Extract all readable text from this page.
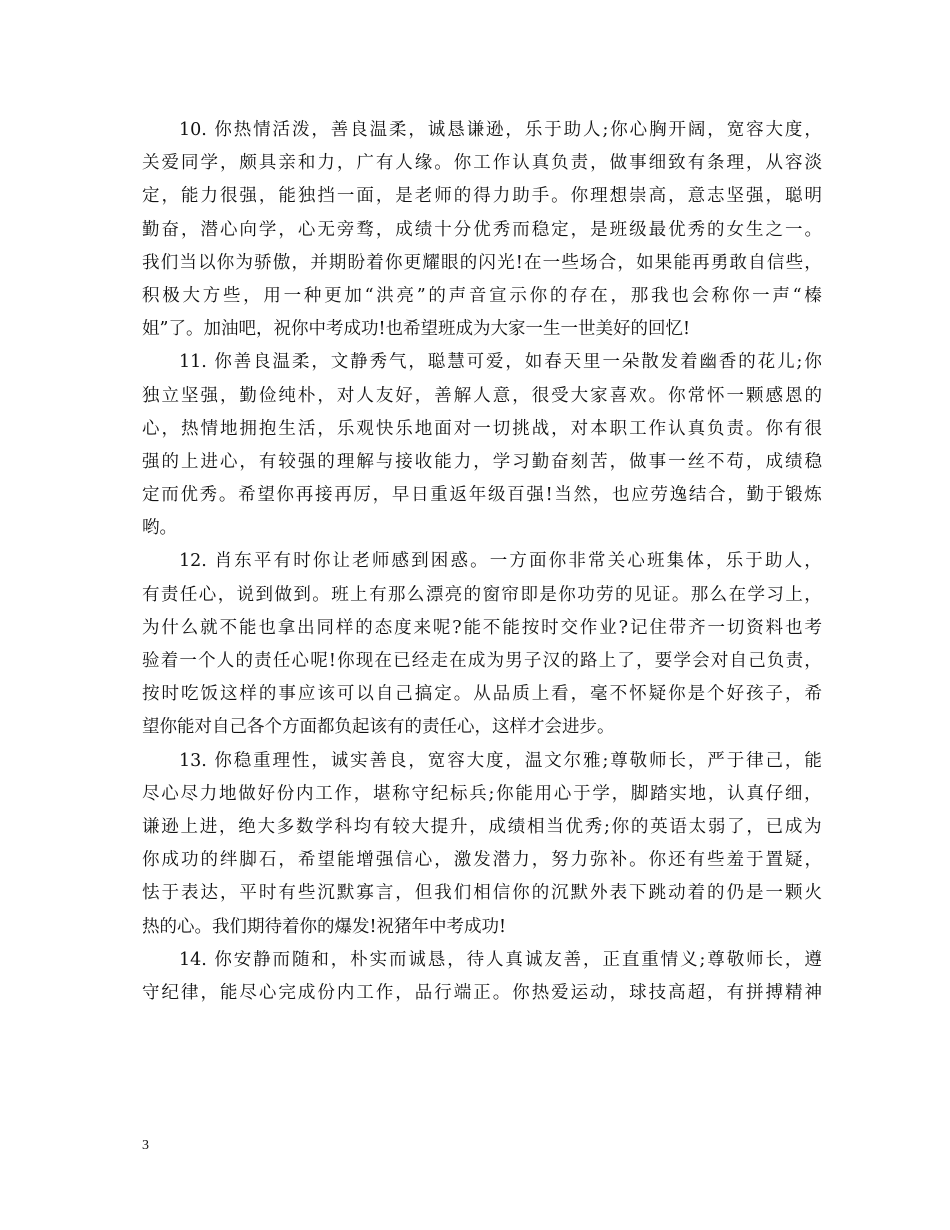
10. 你 热 情 活 泼 ， 善 良 温 柔 ， 诚 恳 谦 逊 ， 乐 于 助 人 ; 你 心 胸 开 阔 ， 宽 容 大 度 ，
关 爱 同 学 ， 颇 具 亲 和 力 ， 广 有 人 缘 。 你 工 作 认 真 负 责 ， 做 事 细 致 有 条 理 ， 从 容 淡
定 ， 能 力 很 强 ， 能 独 挡 一 面 ， 是 老 师 的 得 力 助 手 。 你 理 想 崇 高 ， 意 志 坚 强 ， 聪 明
勤 奋 ， 潜 心 向 学 ， 心 无 旁 骛 ， 成 绩 十 分 优 秀 而 稳 定 ， 是 班 级 最 优 秀 的 女 生 之 一 。
我 们 当 以 你 为 骄 傲 ， 并 期 盼 着 你 更 耀 眼 的 闪 光 ! 在 一 些 场 合 ， 如 果 能 再 勇 敢 自 信 些 ，
积 极 大 方 些 ， 用 一 种 更 加 “ 洪 亮 ” 的 声 音 宣 示 你 的 存 在 ， 那 我 也 会 称 你 一 声 “ 榛
姐”了。加油吧，祝你中考成功!也希望班成为大家一生一世美好的回忆!
11. 你 善 良 温 柔 ， 文 静 秀 气 ， 聪 慧 可 爱 ， 如 春 天 里 一 朵 散 发 着 幽 香 的 花 儿 ; 你
独 立 坚 强 ， 勤 俭 纯 朴 ， 对 人 友 好 ， 善 解 人 意 ， 很 受 大 家 喜 欢 。 你 常 怀 一 颗 感 恩 的
心 ， 热 情 地 拥 抱 生 活 ， 乐 观 快 乐 地 面 对 一 切 挑 战 ， 对 本 职 工 作 认 真 负 责 。 你 有 很
强 的 上 进 心 ， 有 较 强 的 理 解 与 接 收 能 力 ， 学 习 勤 奋 刻 苦 ， 做 事 一 丝 不 苟 ， 成 绩 稳
定 而 优 秀 。 希 望 你 再 接 再 厉 ， 早 日 重 返 年 级 百 强 ! 当 然 ， 也 应 劳 逸 结 合 ， 勤 于 锻 炼
哟。
12. 肖 东 平 有 时 你 让 老 师 感 到 困 惑 。 一 方 面 你 非 常 关 心 班 集 体 ， 乐 于 助 人 ，
有 责 任 心 ， 说 到 做 到 。 班 上 有 那 么 漂 亮 的 窗 帘 即 是 你 功 劳 的 见 证 。 那 么 在 学 习 上 ，
为 什 么 就 不 能 也 拿 出 同 样 的 态 度 来 呢 ? 能 不 能 按 时 交 作 业 ? 记 住 带 齐 一 切 资 料 也 考
验 着 一 个 人 的 责 任 心 呢 ! 你 现 在 已 经 走 在 成 为 男 子 汉 的 路 上 了 ， 要 学 会 对 自 己 负 责 ，
按 时 吃 饭 这 样 的 事 应 该 可 以 自 己 搞 定 。 从 品 质 上 看 ， 毫 不 怀 疑 你 是 个 好 孩 子 ， 希
望你能对自己各个方面都负起该有的责任心，这样才会进步。
13. 你 稳 重 理 性 ， 诚 实 善 良 ， 宽 容 大 度 ， 温 文 尔 雅 ; 尊 敬 师 长 ， 严 于 律 己 ， 能
尽 心 尽 力 地 做 好 份 内 工 作 ， 堪 称 守 纪 标 兵 ; 你 能 用 心 于 学 ， 脚 踏 实 地 ， 认 真 仔 细 ，
谦 逊 上 进 ， 绝 大 多 数 学 科 均 有 较 大 提 升 ， 成 绩 相 当 优 秀 ; 你 的 英 语 太 弱 了 ， 已 成 为
你 成 功 的 绊 脚 石 ， 希 望 能 增 强 信 心 ， 激 发 潜 力 ， 努 力 弥 补 。 你 还 有 些 羞 于 置 疑 ，
怯 于 表 达 ， 平 时 有 些 沉 默 寡 言 ， 但 我 们 相 信 你 的 沉 默 外 表 下 跳 动 着 的 仍 是 一 颗 火
热的心。我们期待着你的爆发!祝猪年中考成功!
14. 你 安 静 而 随 和 ， 朴 实 而 诚 恳 ， 待 人 真 诚 友 善 ， 正 直 重 情 义 ; 尊 敬 师 长 ， 遵
守 纪 律 ， 能 尽 心 完 成 份 内 工 作 ， 品 行 端 正 。 你 热 爱 运 动 ， 球 技 高 超 ， 有 拼 搏 精 神
3
